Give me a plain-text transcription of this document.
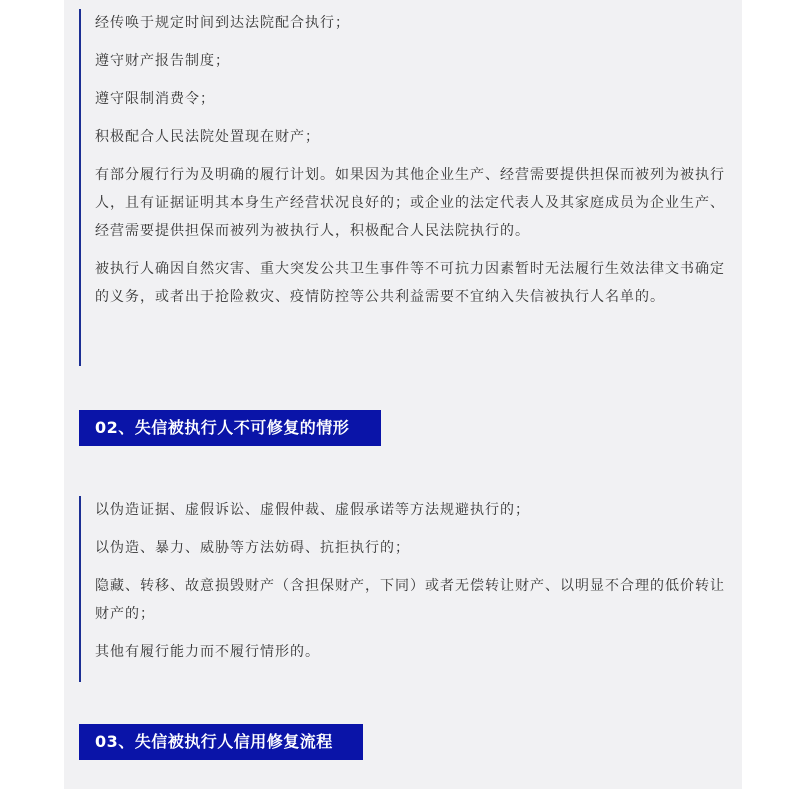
经传唤于规定时间到达法院配合执行；

遵守财产报告制度；

遵守限制消费令；

积极配合人民法院处置现在财产；

有部分履行行为及明确的履行计划。如果因为其他企业生产、经营需要提供担保而被列为被执行人，且有证据证明其本身生产经营状况良好的；或企业的法定代表人及其家庭成员为企业生产、经营需要提供担保而被列为被执行人，积极配合人民法院执行的。

被执行人确因自然灾害、重大突发公共卫生事件等不可抗力因素暂时无法履行生效法律文书确定的义务，或者出于抢险救灾、疫情防控等公共利益需要不宜纳入失信被执行人名单的。

02、失信被执行人不可修复的情形

以伪造证据、虚假诉讼、虚假仲裁、虚假承诺等方法规避执行的；

以伪造、暴力、威胁等方法妨碍、抗拒执行的；

隐藏、转移、故意损毁财产（含担保财产，下同）或者无偿转让财产、以明显不合理的低价转让财产的；

其他有履行能力而不履行情形的。

03、失信被执行人信用修复流程
